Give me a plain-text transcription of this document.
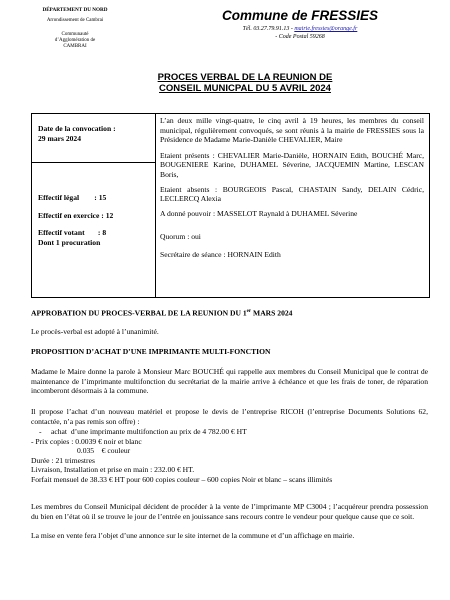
DÉPARTEMENT DU NORD
Arrondissement de Cambrai
Communauté
d’Agglomération de
CAMBRAI
Commune de FRESSIES
Tél. 03.27.79.91.13 - mairie.fressies@orange.fr
- Code Postal 59268
PROCES VERBAL DE LA REUNION DE
CONSEIL MUNICPAL DU 5 AVRIL 2024
Date de la convocation :
29 mars 2024
Effectif légal        : 15
Effectif en exercice : 12
Effectif votant       : 8
Dont 1 procuration
L’an deux mille vingt-quatre, le cinq avril à 19 heures, les membres du conseil municipal, régulièrement convoqués, se sont réunis à la mairie de FRESSIES sous la Présidence de Madame Marie-Danièle CHEVALIER, Maire
Etaient présents : CHEVALIER Marie-Danièle, HORNAIN Edith, BOUCHÉ Marc, BOUGENIERE Karine, DUHAMEL Séverine, JACQUEMIN Martine, LESCAN Boris,
Etaient absents : BOURGEOIS Pascal, CHASTAIN Sandy, DELAIN Cédric, LECLERCQ Alexia
A donné pouvoir : MASSELOT Raynald à DUHAMEL Séverine
Quorum : oui
Secrétaire de séance : HORNAIN Edith
APPROBATION DU PROCES-VERBAL DE LA REUNION DU 1er MARS 2024
Le procès-verbal est adopté à l’unanimité.
PROPOSITION D’ACHAT D’UNE IMPRIMANTE MULTI-FONCTION
Madame le Maire donne la parole à Monsieur Marc BOUCHÉ qui rappelle aux membres du Conseil Municipal que le contrat de maintenance de l’imprimante multifonction du secrétariat de la mairie arrive à échéance et que les frais de toner, de réparation incomberont désormais à la commune.
Il propose l’achat d’un nouveau matériel et propose le devis de l’entreprise RICOH (l’entreprise Documents Solutions 62, contactée, n’a pas remis son offre) :
-     achat  d’une imprimante multifonction au prix de 4 782.00 € HT
- Prix copies : 0.0039 € noir et blanc
0.035    € couleur
Durée : 21 trimestres
Livraison, Installation et prise en main : 232.00 € HT.
Forfait mensuel de 38.33 € HT pour 600 copies couleur – 600 copies Noir et blanc – scans illimités
Les membres du Conseil Municipal décident de procéder à la vente de l’imprimante MP C3004 ; l’acquéreur prendra possession du bien en l’état où il se trouve le jour de l’entrée en jouissance sans recours contre le vendeur pour quelque cause que ce soit.
La mise en vente fera l’objet d’une annonce sur le site internet de la commune et d’un affichage en mairie.
